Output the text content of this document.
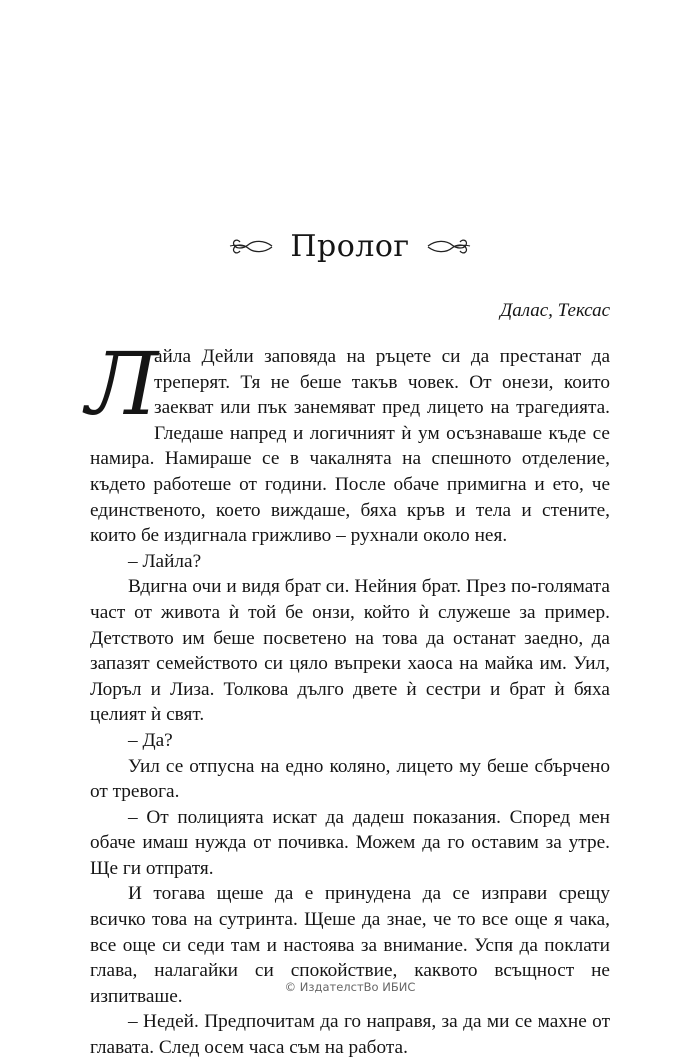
Пролог
Далас, Тексас

Л
айла Дейли заповяда на ръцете си да престанат да треперят. Тя не беше такъв човек. От онези, които заекват или пък занемяват пред лицето на трагедията. Гледаше напред и логичният ѝ ум осъзнаваше къде се намира. Намираше се в чакалнята на спешното отделение, където работеше от години. После обаче примигна и ето, че единственото, което виждаше, бяха кръв и тела и стените, които бе издигнала грижливо – рухнали около нея.

– Лайла?

Вдигна очи и видя брат си. Нейния брат. През по-голямата част от живота ѝ той бе онзи, който ѝ служеше за пример. Детството им беше посветено на това да останат заедно, да запазят семейството си цяло въпреки хаоса на майка им. Уил, Лоръл и Лиза. Толкова дълго двете ѝ сестри и брат ѝ бяха целият ѝ свят.

– Да?

Уил се отпусна на едно коляно, лицето му беше сбърчено от тревога.

– От полицията искат да дадеш показания. Според мен обаче имаш нужда от почивка. Можем да го оставим за утре. Ще ги отпратя.

И тогава щеше да е принудена да се изправи срещу всичко това на сутринта. Щеше да знае, че то все още я чака, все още си седи там и настоява за внимание. Успя да поклати глава, налагайки си спокойствие, каквото всъщност не изпитваше.

– Недей. Предпочитам да го направя, за да ми се махне от главата. След осем часа съм на работа.

© ИздателстВо ИБИС
